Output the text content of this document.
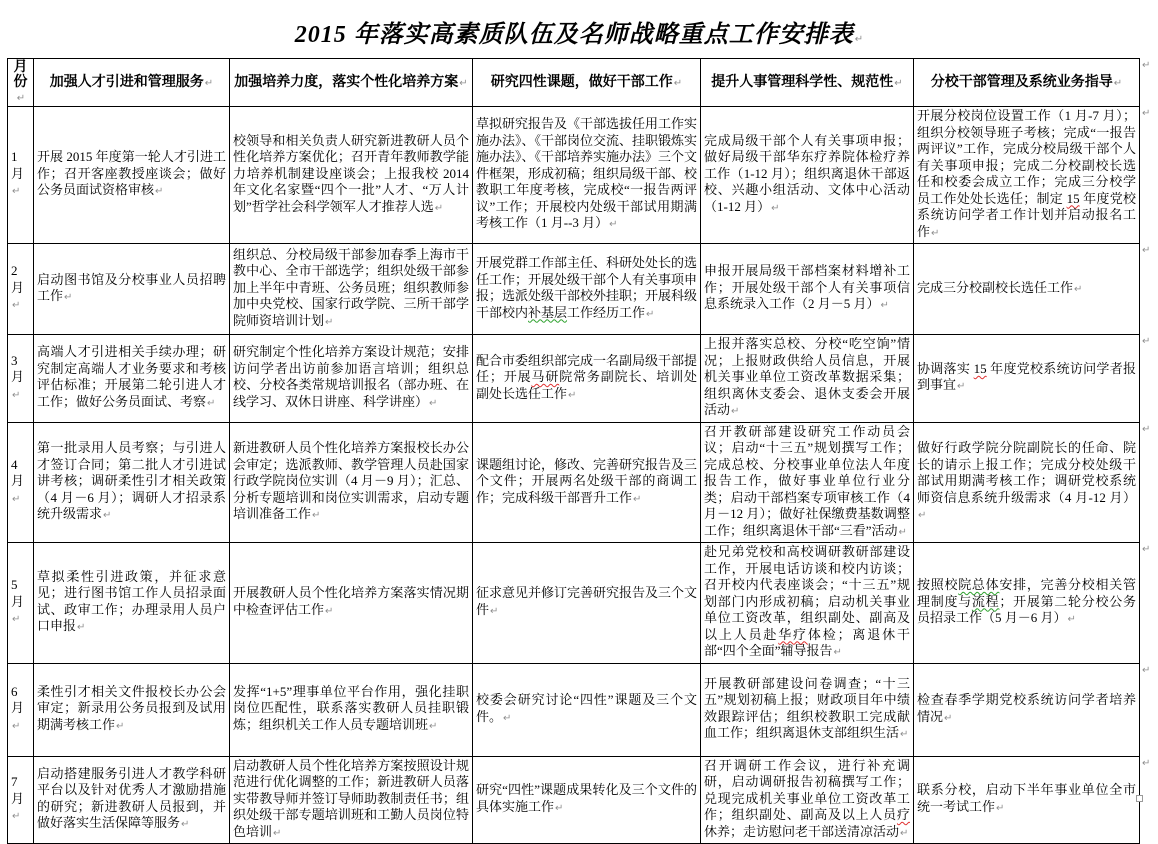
2015 年落实高素质队伍及名师战略重点工作安排表↵
月
份↵	加强人才引进和管理服务↵	加强培养力度，落实个性化培养方案↵	研究四性课题，做好干部工作↵	提升人事管理科学性、规范性↵	分校干部管理及系统业务指导↵
1
月↵	开展 2015 年度第一轮人才引进工作；召开客座教授座谈会；做好公务员面试资格审核↵	校领导和相关负责人研究新进教研人员个性化培养方案优化；召开青年教师教学能力培养机制建设座谈会；上报我校 2014 年文化名家暨“四个一批”人才、“万人计划”哲学社会科学领军人才推荐人选↵	草拟研究报告及《干部选拔任用工作实施办法》、《干部岗位交流、挂职锻炼实施办法》、《干部培养实施办法》三个文件框架，形成初稿；组织局级干部、校教职工年度考核，完成校“一报告两评议”工作；开展校内处级干部试用期满考核工作（1 月--3 月）↵	完成局级干部个人有关事项申报；做好局级干部华东疗养院体检疗养工作（1-12 月）；组织离退休干部返校、兴趣小组活动、文体中心活动（1-12 月）↵	开展分校岗位设置工作（1 月-7 月）；组织分校领导班子考核；完成“一报告两评议”工作，完成分校局级干部个人有关事项申报；完成二分校副校长选任和校委会成立工作；完成三分校学员工作处处长选任；制定 15 年度党校系统访问学者工作计划并启动报名工作↵
2
月↵	启动图书馆及分校事业人员招聘工作↵	组织总、分校局级干部参加春季上海市干教中心、全市干部选学；组织处级干部参加上半年中青班、公务员班；组织教师参加中央党校、国家行政学院、三所干部学院师资培训计划↵	开展党群工作部主任、科研处处长的选任工作；开展处级干部个人有关事项申报；选派处级干部校外挂职；开展科级干部校内补基层工作经历工作↵	申报开展局级干部档案材料增补工作；开展处级干部个人有关事项信息系统录入工作（2 月－5 月）↵	完成三分校副校长选任工作↵
3
月↵	高端人才引进相关手续办理；研究制定高端人才业务要求和考核评估标准；开展第二轮引进人才工作；做好公务员面试、考察↵	研究制定个性化培养方案设计规范；安排访问学者出访前参加语言培训；组织总校、分校各类常规培训报名（部办班、在线学习、双休日讲座、科学讲座）↵	配合市委组织部完成一名副局级干部提任；开展马研院常务副院长、培训处副处长选任工作↵	上报并落实总校、分校“吃空饷”情况；上报财政供给人员信息，开展机关事业单位工资改革数据采集；组织离休支委会、退休支委会开展活动↵	协调落实 15 年度党校系统访问学者报到事宜↵
4
月↵	第一批录用人员考察；与引进人才签订合同；第二批人才引进试讲考核；调研柔性引才相关政策（4 月－6 月）；调研人才招录系统升级需求↵	新进教研人员个性化培养方案报校长办公会审定；选派教师、教学管理人员赴国家行政学院岗位实训（4 月－9 月）；汇总、分析专题培训和岗位实训需求，启动专题培训准备工作↵	课题组讨论，修改、完善研究报告及三个文件；开展两名处级干部的商调工作；完成科级干部晋升工作↵	召开教研部建设研究工作动员会议；启动“十三五”规划撰写工作；完成总校、分校事业单位法人年度报告工作，做好事业单位行业分类；启动干部档案专项审核工作（4 月－12 月）；做好社保缴费基数调整工作；组织离退休干部“三看”活动↵	做好行政学院分院副院长的任命、院长的请示上报工作；完成分校处级干部试用期满考核工作；调研党校系统师资信息系统升级需求（4 月-12 月）↵
5
月↵	草拟柔性引进政策，并征求意见；进行图书馆工作人员招录面试、政审工作；办理录用人员户口申报↵	开展教研人员个性化培养方案落实情况期中检查评估工作↵	征求意见并修订完善研究报告及三个文件↵	赴兄弟党校和高校调研教研部建设工作，开展电话访谈和校内访谈；召开校内代表座谈会；“十三五”规划部门内形成初稿；启动机关事业单位工资改革，组织副处、副高及以上人员赴华疗体检；离退休干部“四个全面”辅导报告↵	按照校院总体安排，完善分校相关管理制度与流程；开展第二轮分校公务员招录工作（5 月－6 月）↵
6
月↵	柔性引才相关文件报校长办公会审定；新录用公务员报到及试用期满考核工作↵	发挥“1+5”理事单位平台作用，强化挂职岗位匹配性，联系落实教研人员挂职锻炼；组织机关工作人员专题培训班↵	校委会研究讨论“四性”课题及三个文件。↵	开展教研部建设问卷调查；“十三五”规划初稿上报；财政项目年中绩效跟踪评估；组织校教职工完成献血工作；组织离退休支部组织生活↵	检查春季学期党校系统访问学者培养情况↵
7
月↵	启动搭建服务引进人才教学科研平台以及针对优秀人才激励措施的研究；新进教研人员报到，并做好落实生活保障等服务↵	启动教研人员个性化培养方案按照设计规范进行优化调整的工作；新进教研人员落实带教导师并签订导师助教制责任书；组织处级干部专题培训班和工勤人员岗位特色培训↵	研究“四性”课题成果转化及三个文件的具体实施工作↵	召开调研工作会议，进行补充调研，启动调研报告初稿撰写工作；兑现完成机关事业单位工资改革工作；组织副处、副高及以上人员疗休养；走访慰问老干部送清凉活动↵	联系分校，启动下半年事业单位全市统一考试工作↵
↵
↵
↵
↵
↵
↵
↵
↵
